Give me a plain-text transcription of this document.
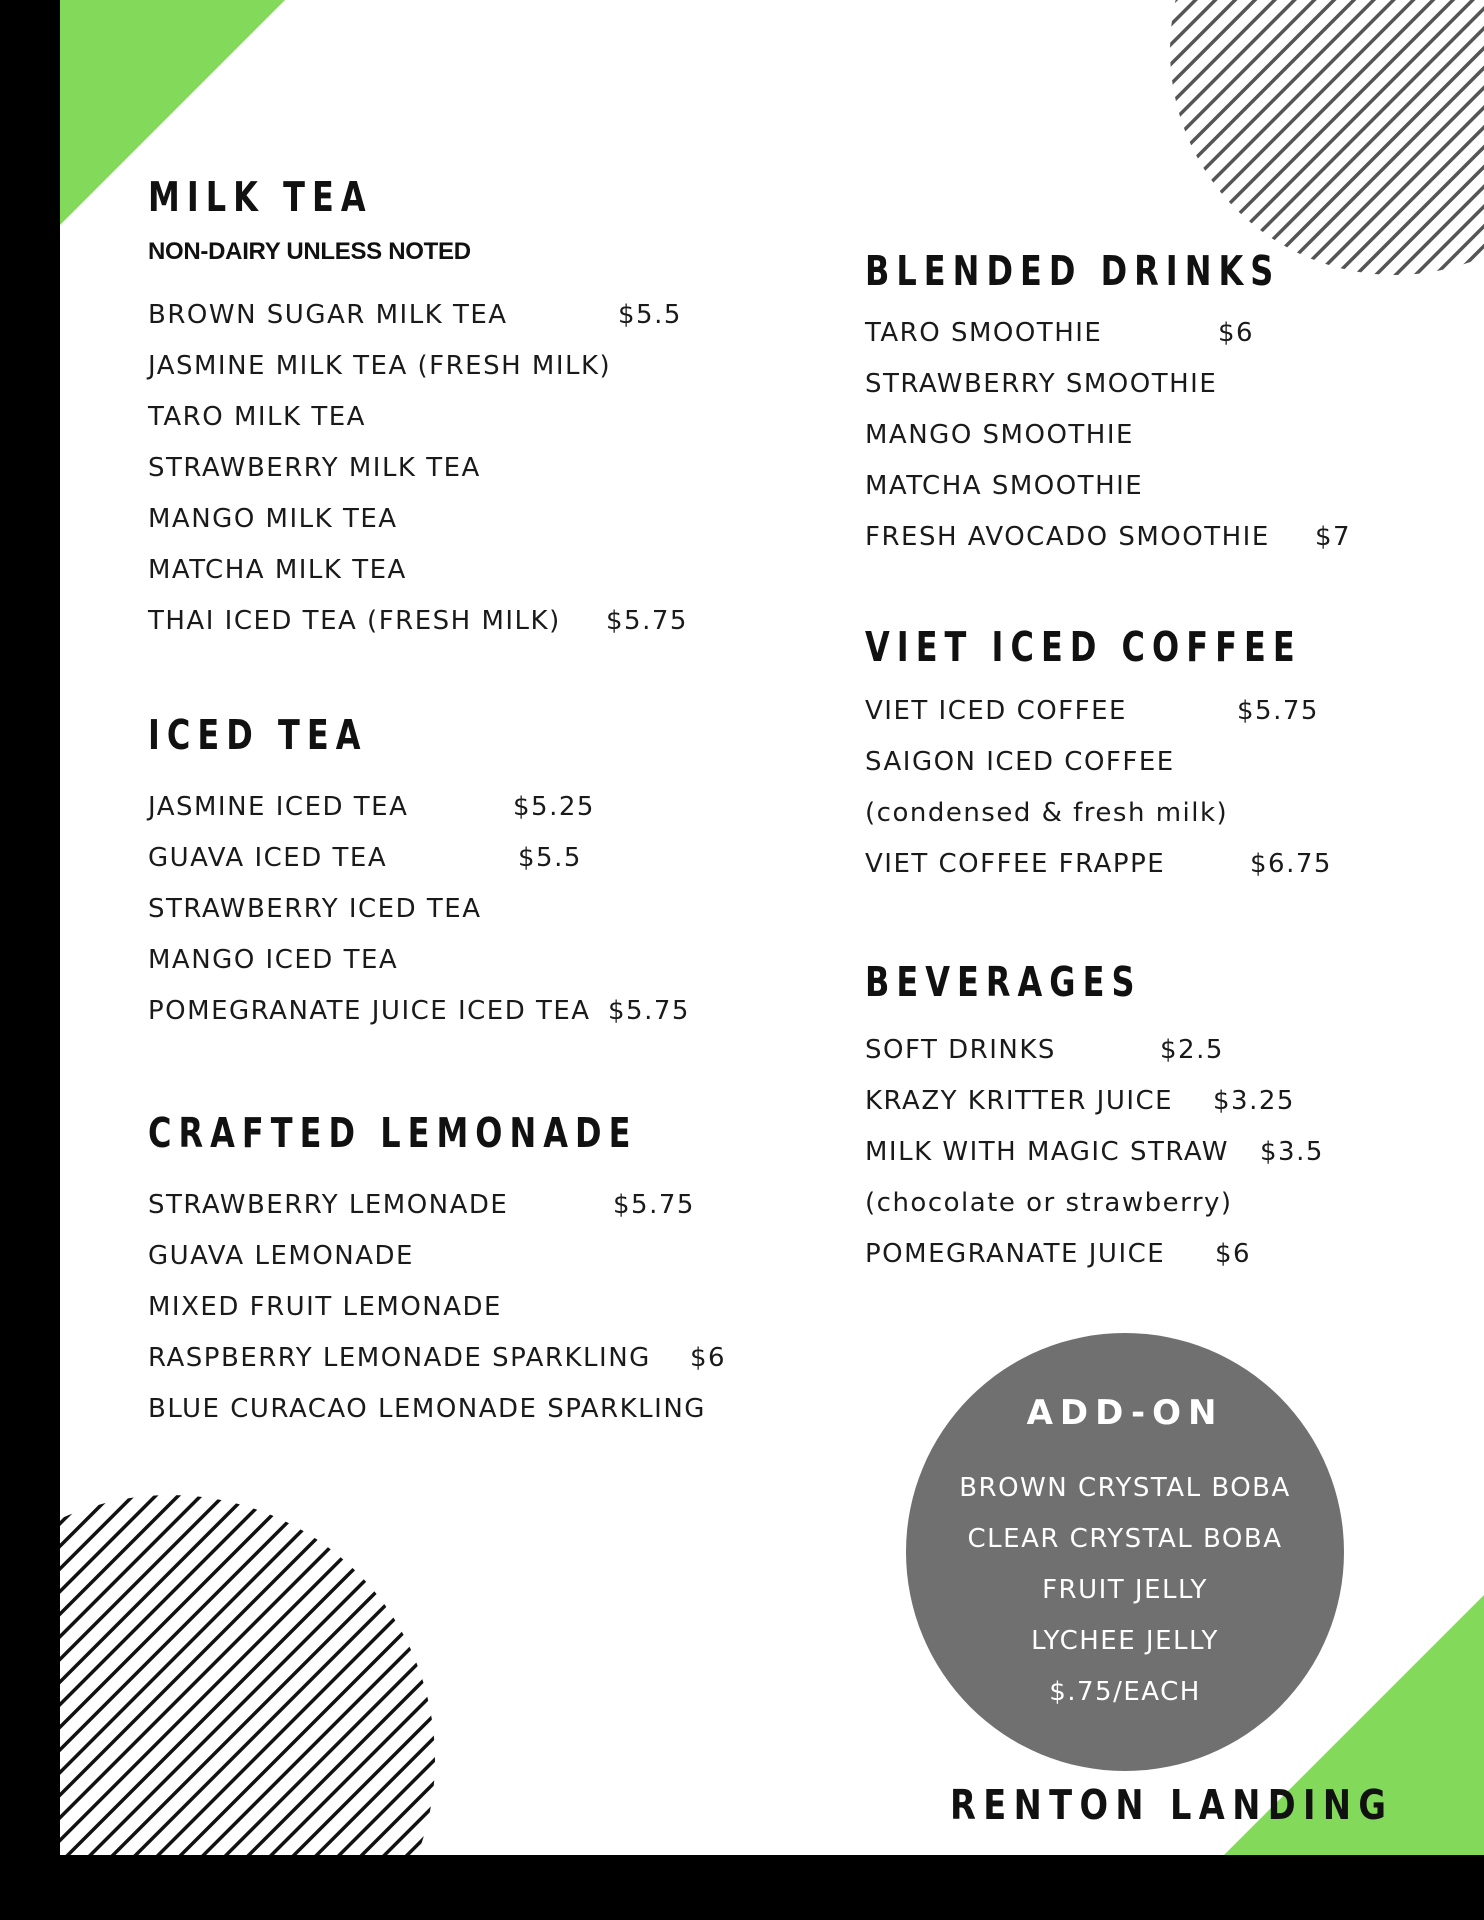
MILK TEA
NON-DAIRY UNLESS NOTED
BROWN SUGAR MILK TEA	$5.5
JASMINE MILK TEA (FRESH MILK)
TARO MILK TEA
STRAWBERRY MILK TEA
MANGO MILK TEA
MATCHA MILK TEA
THAI ICED TEA (FRESH MILK) $5.75
ICED TEA
JASMINE ICED TEA	$5.25
GUAVA ICED TEA	$5.5
STRAWBERRY ICED TEA
MANGO ICED TEA
POMEGRANATE JUICE ICED TEA $5.75
CRAFTED LEMONADE
STRAWBERRY LEMONADE	$5.75
GUAVA LEMONADE
MIXED FRUIT LEMONADE
RASPBERRY LEMONADE SPARKLING $6
BLUE CURACAO LEMONADE SPARKLING
BLENDED DRINKS
TARO SMOOTHIE	$6
STRAWBERRY SMOOTHIE
MANGO SMOOTHIE
MATCHA SMOOTHIE
FRESH AVOCADO SMOOTHIE $7
VIET ICED COFFEE
VIET ICED COFFEE	$5.75
SAIGON ICED COFFEE
(condensed & fresh milk)
VIET COFFEE FRAPPE	$6.75
BEVERAGES
SOFT DRINKS	$2.5
KRAZY KRITTER JUICE $3.25
MILK WITH MAGIC STRAW $3.5
(chocolate or strawberry)
POMEGRANATE JUICE $6
ADD-ON
BROWN CRYSTAL BOBA
CLEAR CRYSTAL BOBA
FRUIT JELLY
LYCHEE JELLY
$.75/EACH
RENTON LANDING
